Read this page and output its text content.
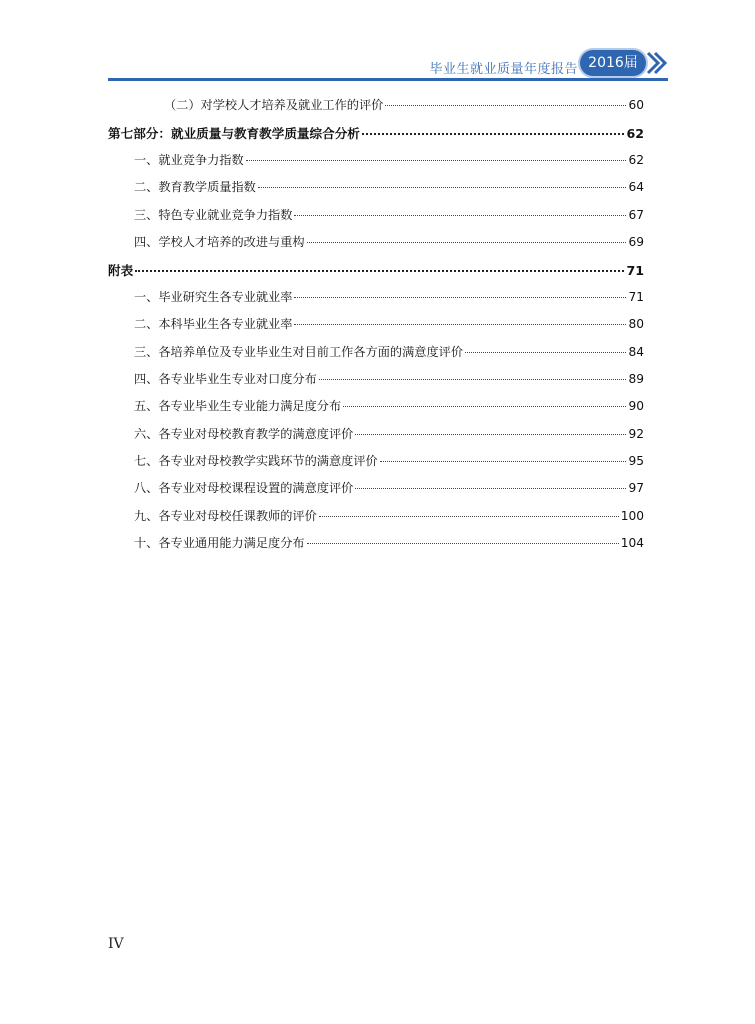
毕业生就业质量年度报告 2016届
（二）对学校人才培养及就业工作的评价	60
第七部分：就业质量与教育教学质量综合分析	62
一、就业竞争力指数	62
二、教育教学质量指数	64
三、特色专业就业竞争力指数	67
四、学校人才培养的改进与重构	69
附表	71
一、毕业研究生各专业就业率	71
二、本科毕业生各专业就业率	80
三、各培养单位及专业毕业生对目前工作各方面的满意度评价	84
四、各专业毕业生专业对口度分布	89
五、各专业毕业生专业能力满足度分布	90
六、各专业对母校教育教学的满意度评价	92
七、各专业对母校教学实践环节的满意度评价	95
八、各专业对母校课程设置的满意度评价	97
九、各专业对母校任课教师的评价	100
十、各专业通用能力满足度分布	104
IV
